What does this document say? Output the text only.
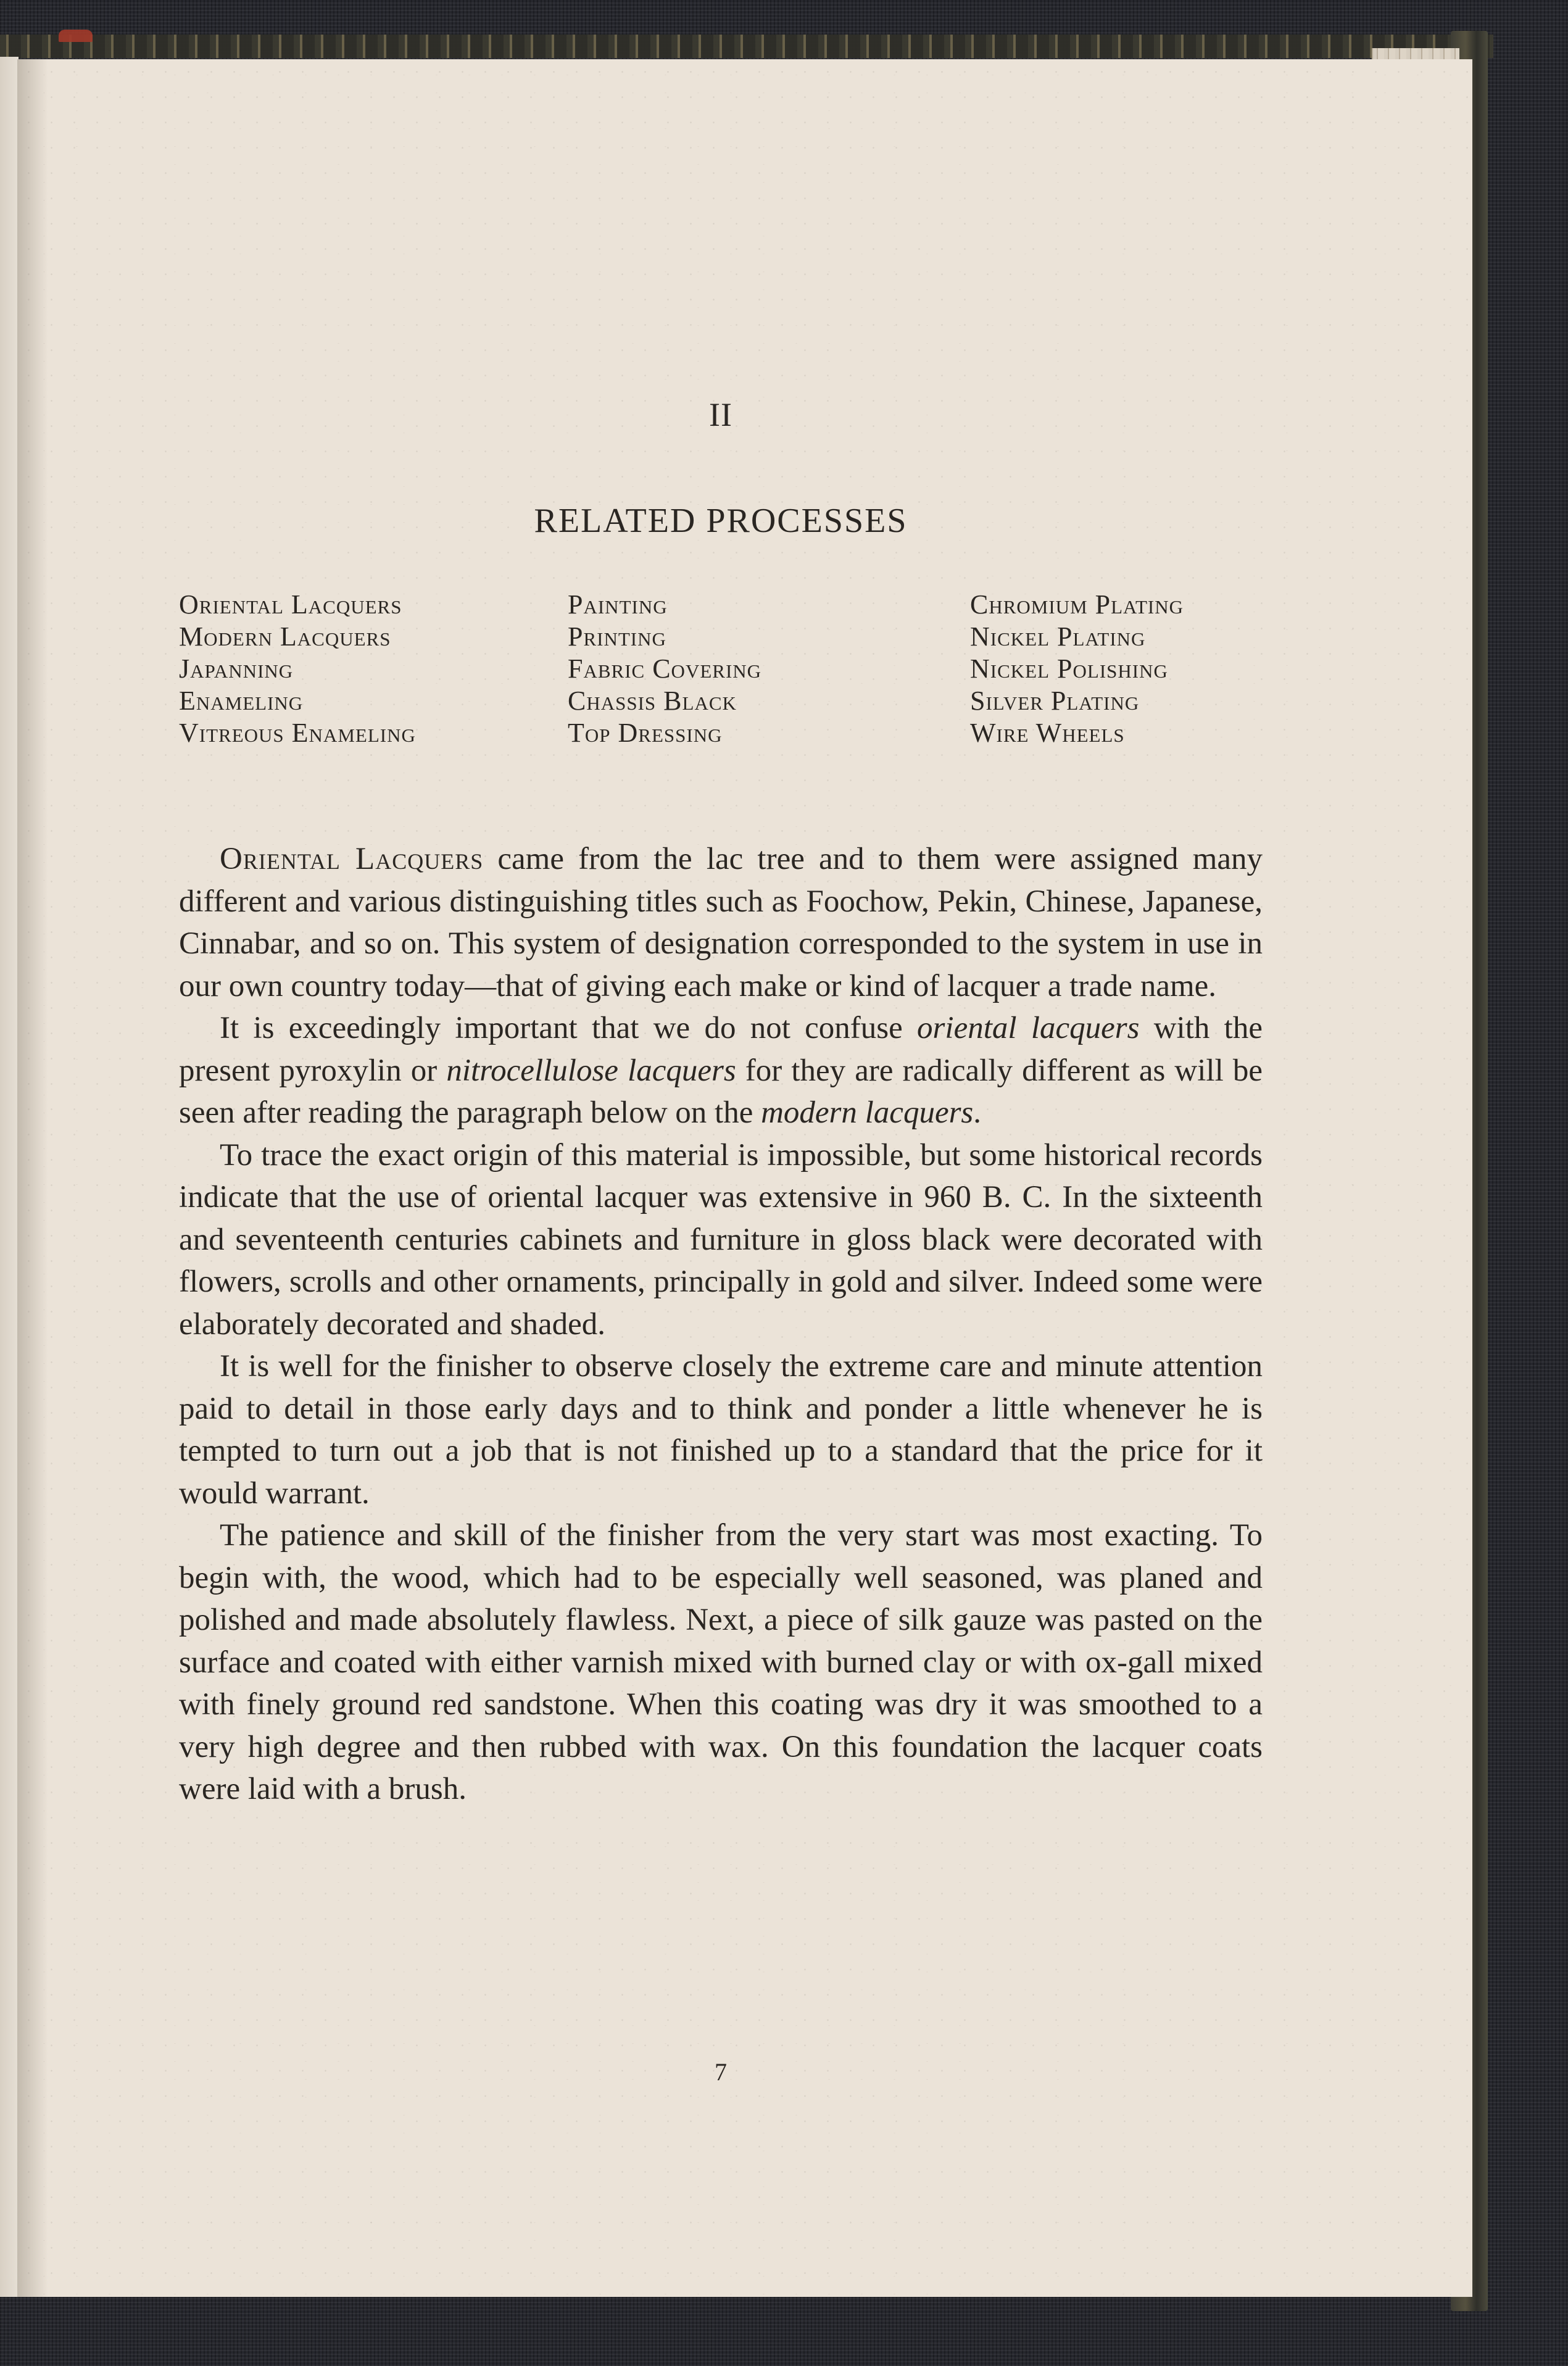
II
RELATED PROCESSES
Oriental Lacquers
Modern Lacquers
Japanning
Enameling
Vitreous Enameling
Painting
Printing
Fabric Covering
Chassis Black
Top Dressing
Chromium Plating
Nickel Plating
Nickel Polishing
Silver Plating
Wire Wheels

Oriental Lacquers came from the lac tree and to them were assigned many different and various distinguishing titles such as Foochow, Pekin, Chinese, Japanese, Cinnabar, and so on. This system of designation corresponded to the system in use in our own country today—that of giving each make or kind of lacquer a trade name.

It is exceedingly important that we do not confuse oriental lacquers with the present pyroxylin or nitrocellulose lacquers for they are radically different as will be seen after reading the paragraph below on the modern lacquers.

To trace the exact origin of this material is impossible, but some historical records indicate that the use of oriental lacquer was extensive in 960 B. C. In the sixteenth and seventeenth centuries cabinets and furniture in gloss black were decorated with flowers, scrolls and other ornaments, principally in gold and silver. Indeed some were elaborately decorated and shaded.

It is well for the finisher to observe closely the extreme care and minute attention paid to detail in those early days and to think and ponder a little whenever he is tempted to turn out a job that is not finished up to a standard that the price for it would warrant.

The patience and skill of the finisher from the very start was most exacting. To begin with, the wood, which had to be especially well seasoned, was planed and polished and made absolutely flawless. Next, a piece of silk gauze was pasted on the surface and coated with either varnish mixed with burned clay or with ox-gall mixed with finely ground red sandstone. When this coating was dry it was smoothed to a very high degree and then rubbed with wax. On this foundation the lacquer coats were laid with a brush.

7
